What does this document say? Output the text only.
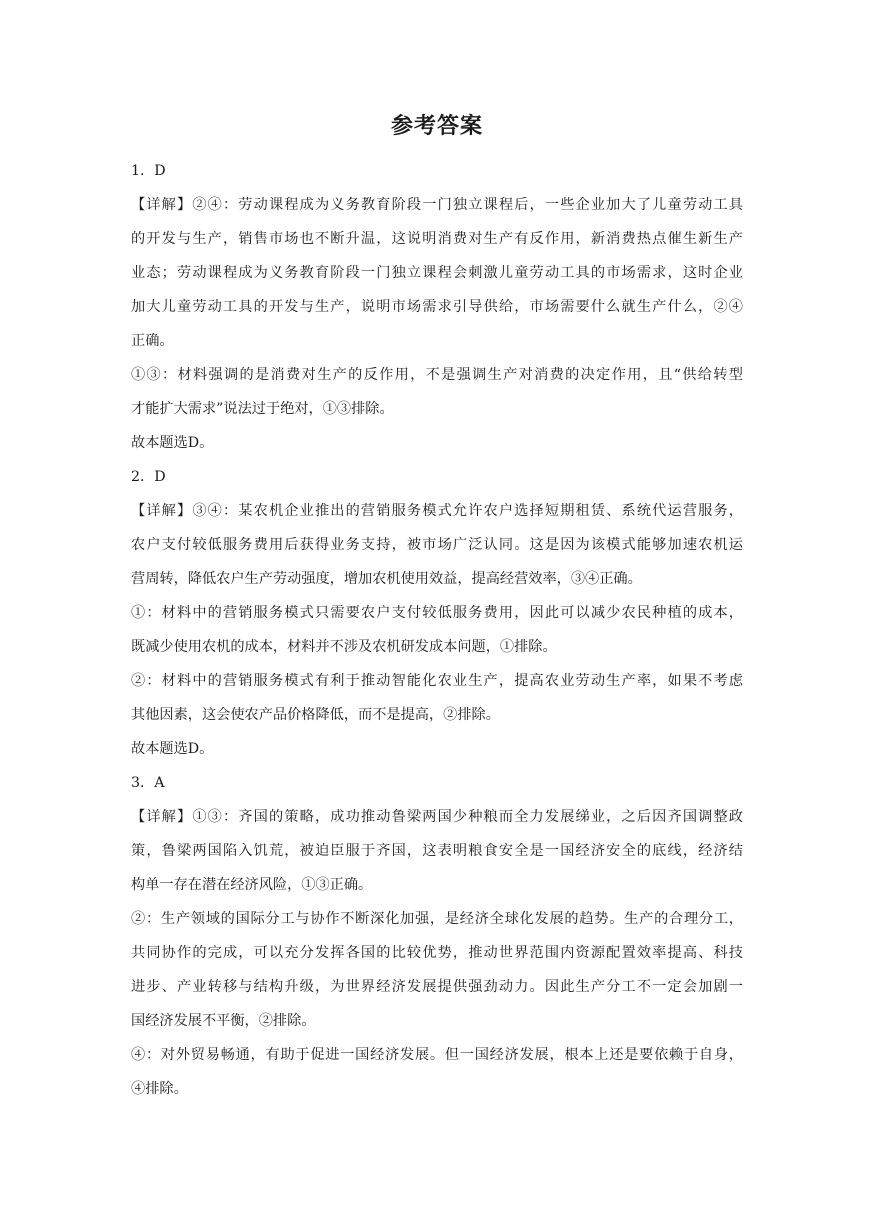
参考答案
1．D
【详解】②④：劳动课程成为义务教育阶段一门独立课程后，一些企业加大了儿童劳动工具
的开发与生产，销售市场也不断升温，这说明消费对生产有反作用，新消费热点催生新生产
业态；劳动课程成为义务教育阶段一门独立课程会刺激儿童劳动工具的市场需求，这时企业
加大儿童劳动工具的开发与生产，说明市场需求引导供给，市场需要什么就生产什么，②④
正确。
①③：材料强调的是消费对生产的反作用，不是强调生产对消费的决定作用，且“供给转型
才能扩大需求”说法过于绝对，①③排除。
故本题选D。
2．D
【详解】③④：某农机企业推出的营销服务模式允许农户选择短期租赁、系统代运营服务，
农户支付较低服务费用后获得业务支持，被市场广泛认同。这是因为该模式能够加速农机运
营周转，降低农户生产劳动强度，增加农机使用效益，提高经营效率，③④正确。
①：材料中的营销服务模式只需要农户支付较低服务费用，因此可以减少农民种植的成本，
既减少使用农机的成本，材料并不涉及农机研发成本问题，①排除。
②：材料中的营销服务模式有利于推动智能化农业生产，提高农业劳动生产率，如果不考虑
其他因素，这会使农产品价格降低，而不是提高，②排除。
故本题选D。
3．A
【详解】①③：齐国的策略，成功推动鲁梁两国少种粮而全力发展绨业，之后因齐国调整政
策，鲁梁两国陷入饥荒，被迫臣服于齐国，这表明粮食安全是一国经济安全的底线，经济结
构单一存在潜在经济风险，①③正确。
②：生产领域的国际分工与协作不断深化加强，是经济全球化发展的趋势。生产的合理分工，
共同协作的完成，可以充分发挥各国的比较优势，推动世界范围内资源配置效率提高、科技
进步、产业转移与结构升级，为世界经济发展提供强劲动力。因此生产分工不一定会加剧一
国经济发展不平衡，②排除。
④：对外贸易畅通，有助于促进一国经济发展。但一国经济发展，根本上还是要依赖于自身，
④排除。
